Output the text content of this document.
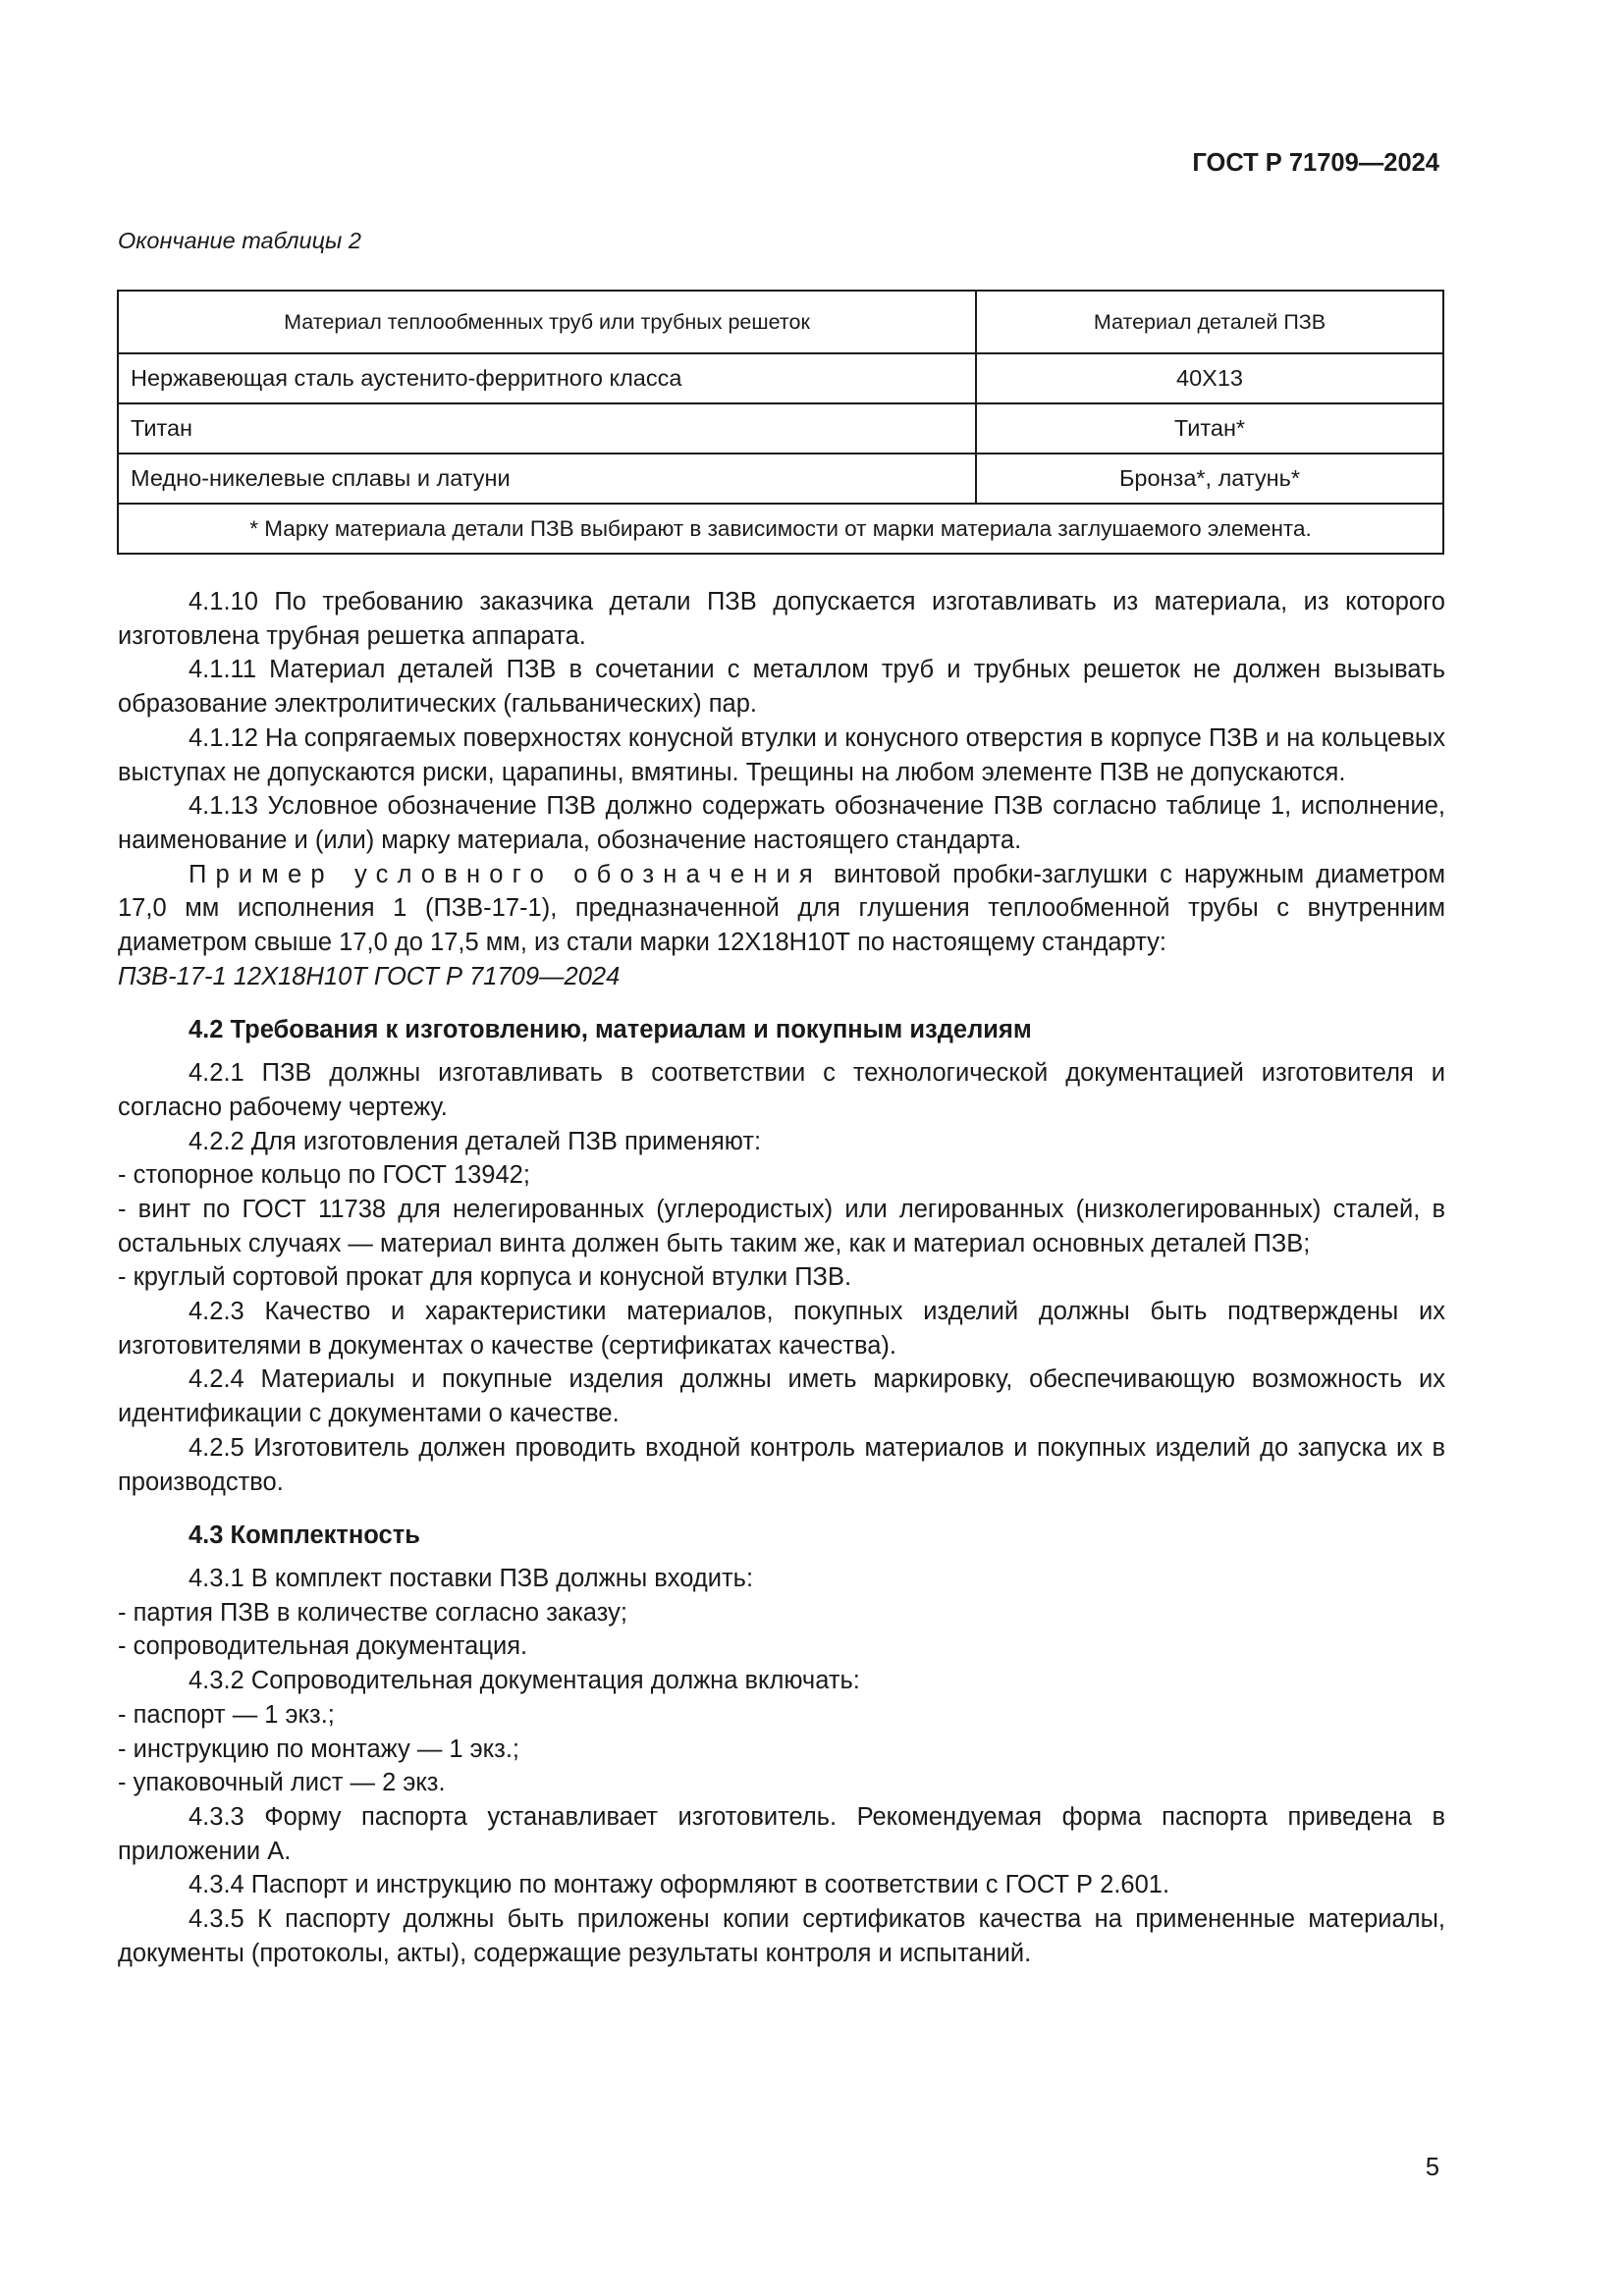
ГОСТ Р 71709—2024
Окончание таблицы 2
Материал теплообменных труб или трубных решеток	Материал деталей ПЗВ
Нержавеющая сталь аустенито-ферритного класса	40Х13
Титан	Титан*
Медно-никелевые сплавы и латуни	Бронза*, латунь*
* Марку материала детали ПЗВ выбирают в зависимости от марки материала заглушаемого элемента.	

4.1.10 По требованию заказчика детали ПЗВ допускается изготавливать из материала, из которого изготовлена трубная решетка аппарата.

4.1.11 Материал деталей ПЗВ в сочетании с металлом труб и трубных решеток не должен вызывать образование электролитических (гальванических) пар.

4.1.12 На сопрягаемых поверхностях конусной втулки и конусного отверстия в корпусе ПЗВ и на кольцевых выступах не допускаются риски, царапины, вмятины. Трещины на любом элементе ПЗВ не допускаются.

4.1.13 Условное обозначение ПЗВ должно содержать обозначение ПЗВ согласно таблице 1, исполнение, наименование и (или) марку материала, обозначение настоящего стандарта.

Пример условного обозначения винтовой пробки-заглушки с наружным диаметром 17,0 мм исполнения 1 (ПЗВ-17-1), предназначенной для глушения теплообменной трубы с внутренним диаметром свыше 17,0 до 17,5 мм, из стали марки 12Х18Н10Т по настоящему стандарту:

ПЗВ-17-1 12Х18Н10Т ГОСТ Р 71709—2024

4.2 Требования к изготовлению, материалам и покупным изделиям

4.2.1 ПЗВ должны изготавливать в соответствии с технологической документацией изготовителя и согласно рабочему чертежу.

4.2.2 Для изготовления деталей ПЗВ применяют:

- стопорное кольцо по ГОСТ 13942;

- винт по ГОСТ 11738 для нелегированных (углеродистых) или легированных (низколегированных) сталей, в остальных случаях — материал винта должен быть таким же, как и материал основных деталей ПЗВ;

- круглый сортовой прокат для корпуса и конусной втулки ПЗВ.

4.2.3 Качество и характеристики материалов, покупных изделий должны быть подтверждены их изготовителями в документах о качестве (сертификатах качества).

4.2.4 Материалы и покупные изделия должны иметь маркировку, обеспечивающую возможность их идентификации с документами о качестве.

4.2.5 Изготовитель должен проводить входной контроль материалов и покупных изделий до запуска их в производство.

4.3 Комплектность

4.3.1 В комплект поставки ПЗВ должны входить:

- партия ПЗВ в количестве согласно заказу;

- сопроводительная документация.

4.3.2 Сопроводительная документация должна включать:

- паспорт — 1 экз.;

- инструкцию по монтажу — 1 экз.;

- упаковочный лист — 2 экз.

4.3.3 Форму паспорта устанавливает изготовитель. Рекомендуемая форма паспорта приведена в приложении А.

4.3.4 Паспорт и инструкцию по монтажу оформляют в соответствии с ГОСТ Р 2.601.

4.3.5 К паспорту должны быть приложены копии сертификатов качества на примененные материалы, документы (протоколы, акты), содержащие результаты контроля и испытаний.

5
